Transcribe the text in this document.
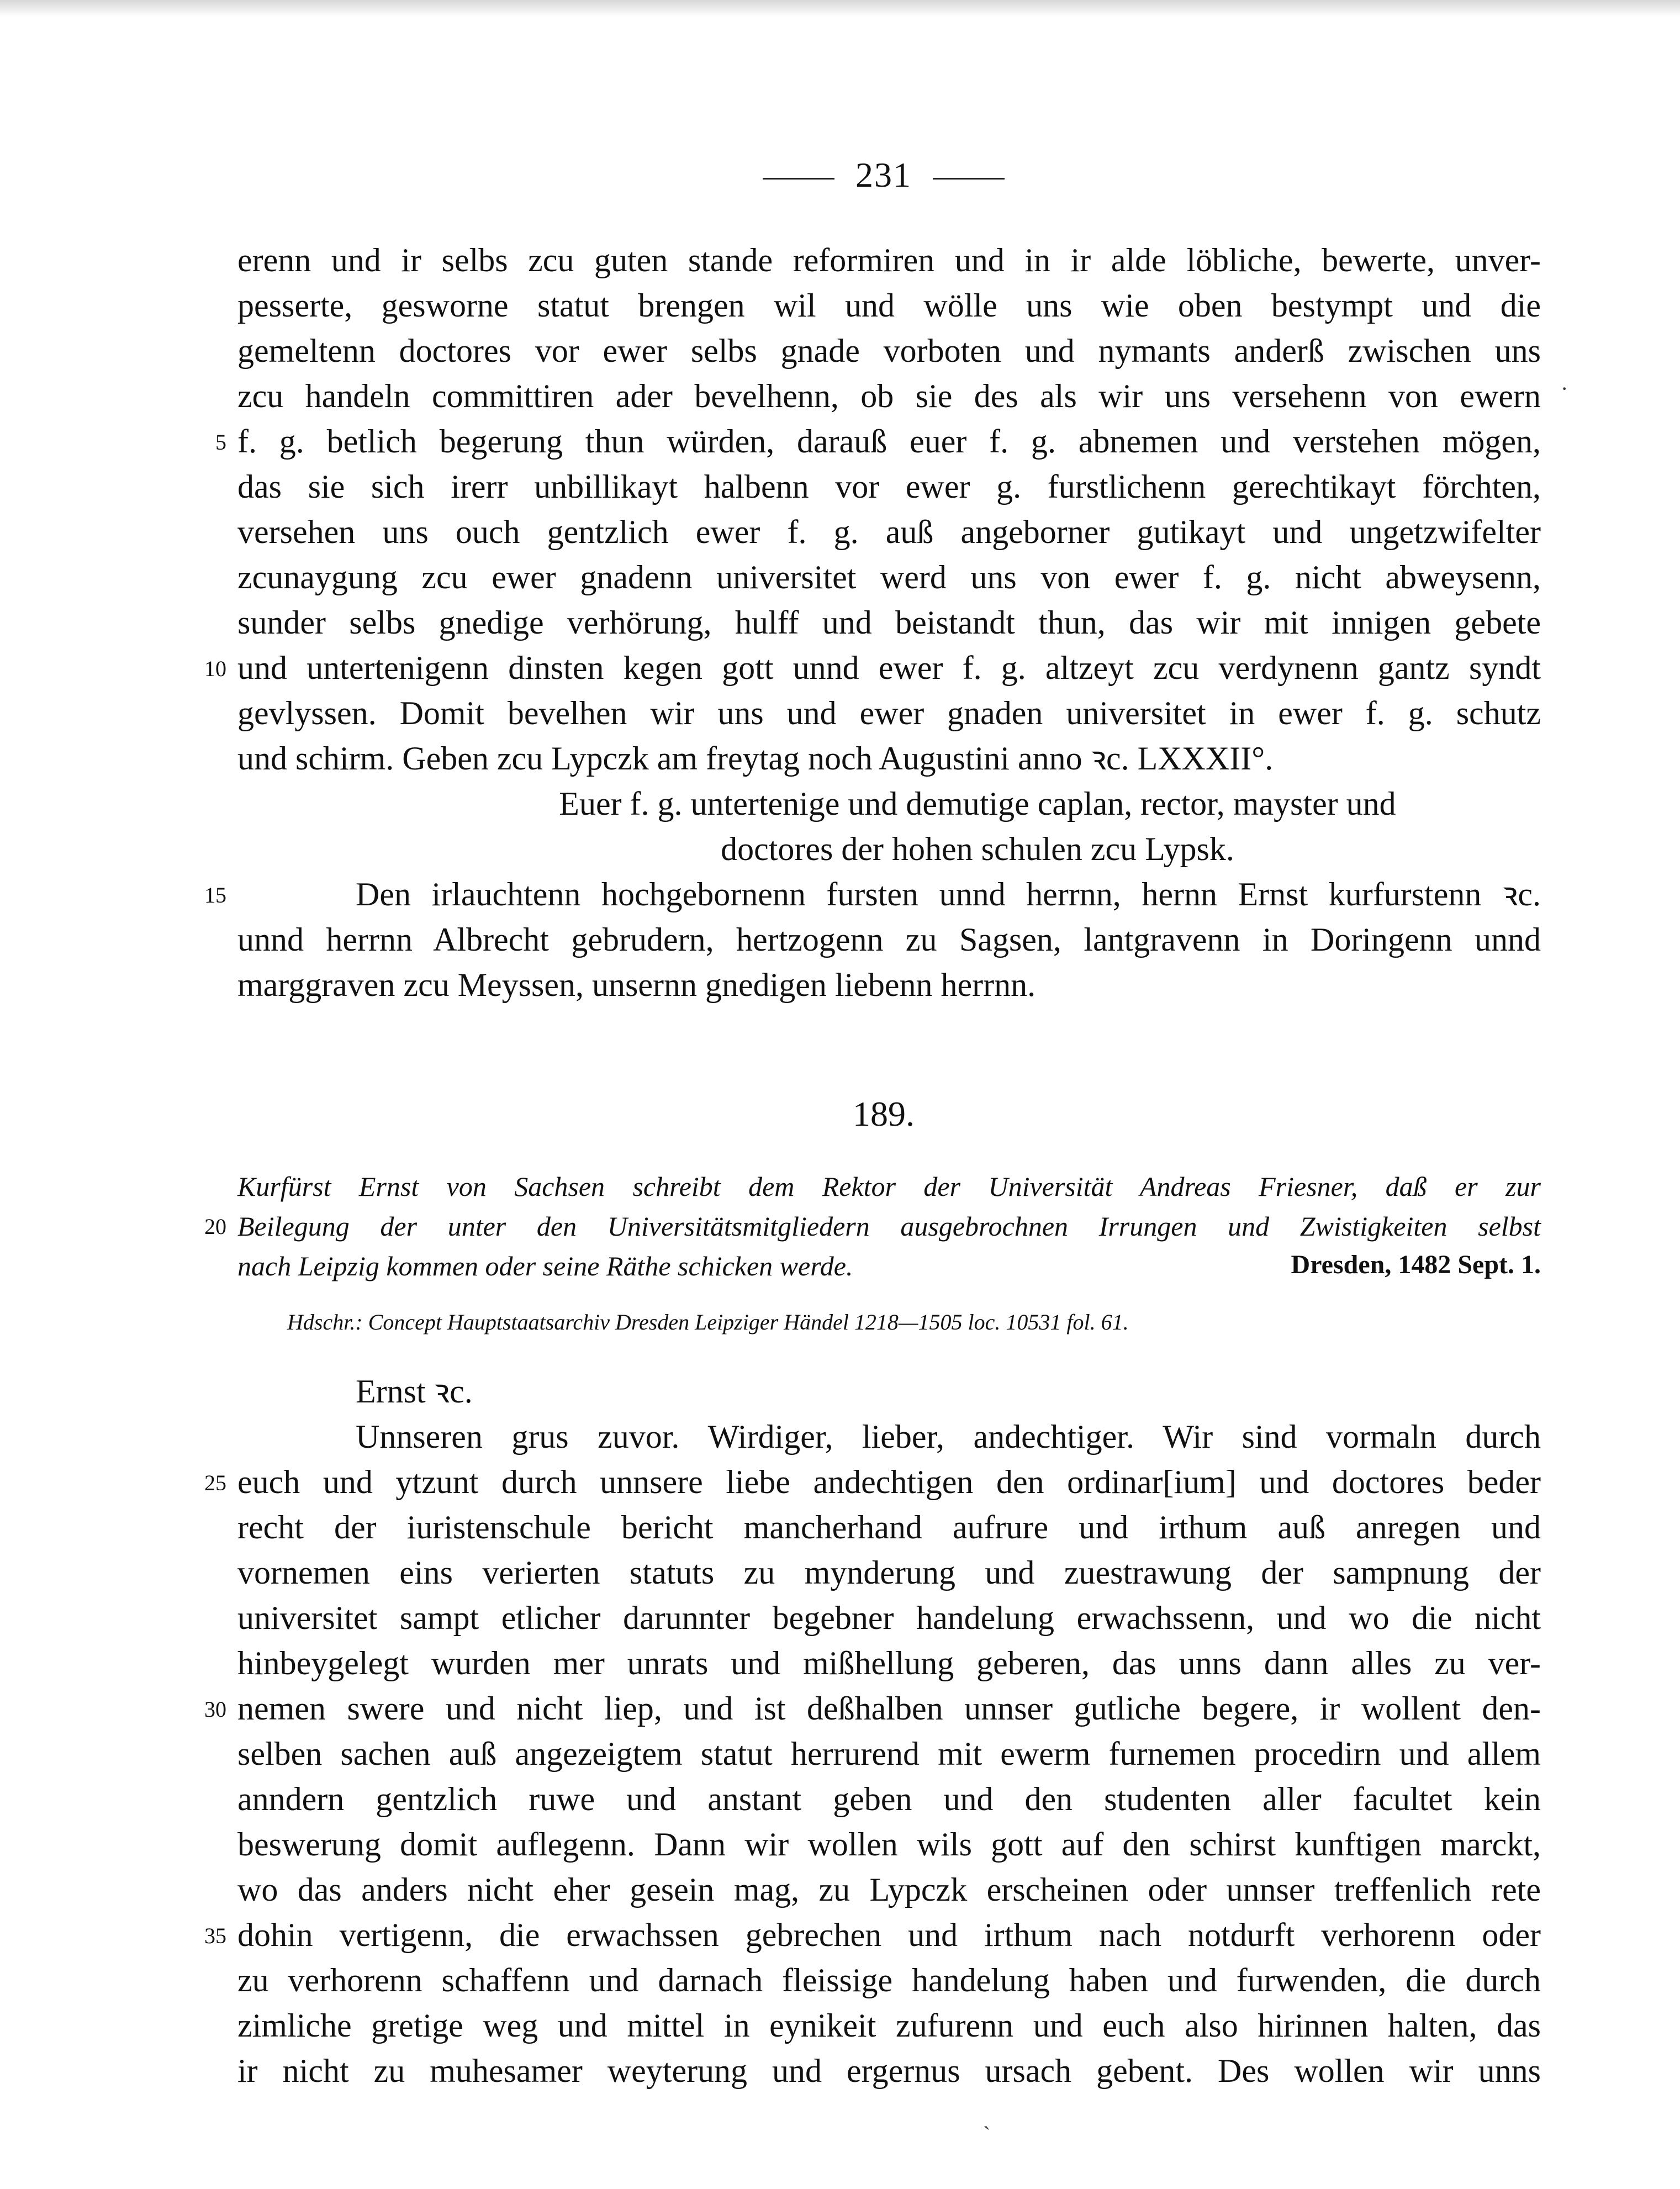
231
erenn und ir selbs zcu guten stande reformiren und in ir alde löbliche, bewerte, unver-
pesserte, gesworne statut brengen wil und wölle uns wie oben bestympt und die
gemeltenn doctores vor ewer selbs gnade vorboten und nymants anderß zwischen uns
zcu handeln committiren ader bevelhenn, ob sie des als wir uns versehenn von ewern
f. g. betlich begerung thun würden, darauß euer f. g. abnemen und verstehen mögen,
das sie sich irerr unbillikayt halbenn vor ewer g. furstlichenn gerechtikayt förchten,
versehen uns ouch gentzlich ewer f. g. auß angeborner gutikayt und ungetzwifelter
zcunaygung zcu ewer gnadenn universitet werd uns von ewer f. g. nicht abweysenn,
sunder selbs gnedige verhörung, hulff und beistandt thun, das wir mit innigen gebete
und untertenigenn dinsten kegen gott unnd ewer f. g. altzeyt zcu verdynenn gantz syndt
gevlyssen. Domit bevelhen wir uns und ewer gnaden universitet in ewer f. g. schutz
und schirm. Geben zcu Lypczk am freytag noch Augustini anno ꝛc. LXXXII°.
Euer f. g. untertenige und demutige caplan, rector, mayster und
doctores der hohen schulen zcu Lypsk.
Den irlauchtenn hochgebornenn fursten unnd herrnn, hernn Ernst kurfurstenn ꝛc.
unnd herrnn Albrecht gebrudern, hertzogenn zu Sagsen, lantgravenn in Doringenn unnd
marggraven zcu Meyssen, unsernn gnedigen liebenn herrnn.
189.
Kurfürst Ernst von Sachsen schreibt dem Rektor der Universität Andreas Friesner, daß er zur
Beilegung der unter den Universitätsmitgliedern ausgebrochnen Irrungen und Zwistigkeiten selbst
nach Leipzig kommen oder seine Räthe schicken werde.	Dresden, 1482 Sept. 1.
Hdschr.: Concept Hauptstaatsarchiv Dresden Leipziger Händel 1218—1505 loc. 10531 fol. 61.
Ernst ꝛc.
Unnseren grus zuvor. Wirdiger, lieber, andechtiger. Wir sind vormaln durch
euch und ytzunt durch unnsere liebe andechtigen den ordinar[ium] und doctores beder
recht der iuristenschule bericht mancherhand aufrure und irthum auß anregen und
vornemen eins verierten statuts zu mynderung und zuestrawung der sampnung der
universitet sampt etlicher darunnter begebner handelung erwachssenn, und wo die nicht
hinbeygelegt wurden mer unrats und mißhellung geberen, das unns dann alles zu ver-
nemen swere und nicht liep, und ist deßhalben unnser gutliche begere, ir wollent den-
selben sachen auß angezeigtem statut herrurend mit ewerm furnemen procedirn und allem
anndern gentzlich ruwe und anstant geben und den studenten aller facultet kein
beswerung domit auflegenn. Dann wir wollen wils gott auf den schirst kunftigen marckt,
wo das anders nicht eher gesein mag, zu Lypczk erscheinen oder unnser treffenlich rete
dohin vertigenn, die erwachssen gebrechen und irthum nach notdurft verhorenn oder
zu verhorenn schaffenn und darnach fleissige handelung haben und furwenden, die durch
zimliche gretige weg und mittel in eynikeit zufurenn und euch also hirinnen halten, das
ir nicht zu muhesamer weyterung und ergernus ursach gebent. Des wollen wir unns
5
10
15
20
25
30
35
·
ˏ
